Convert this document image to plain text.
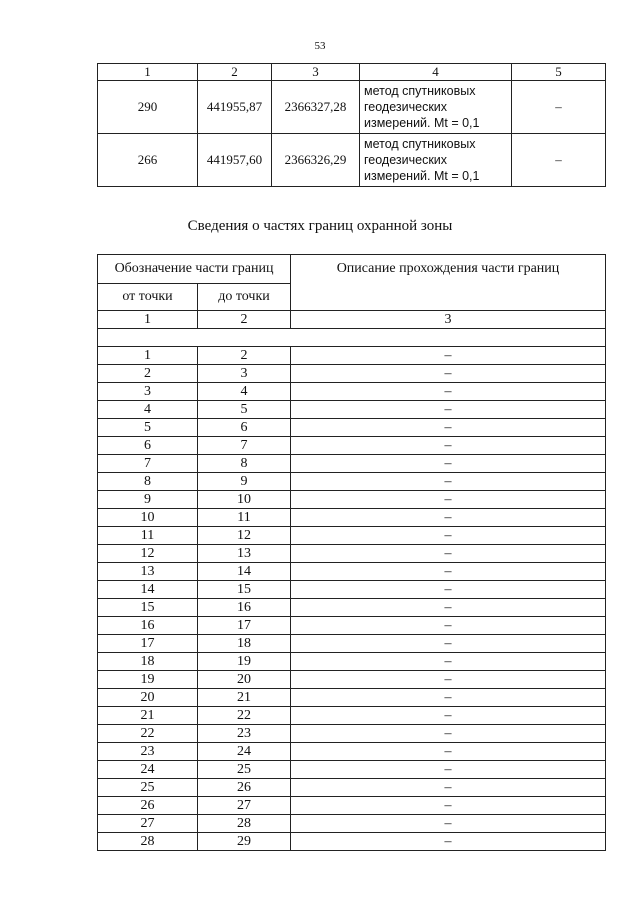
53
1	2	3	4	5
290	441955,87	2366327,28	метод спутниковых
геодезических
измерений. Mt = 0,1	–
266	441957,60	2366326,29	метод спутниковых
геодезических
измерений. Mt = 0,1	–
Сведения о частях границ охранной зоны
Обозначение части границ		Описание прохождения части границ
от точки	до точки	
1	2	3

1	2	–
2	3	–
3	4	–
4	5	–
5	6	–
6	7	–
7	8	–
8	9	–
9	10	–
10	11	–
11	12	–
12	13	–
13	14	–
14	15	–
15	16	–
16	17	–
17	18	–
18	19	–
19	20	–
20	21	–
21	22	–
22	23	–
23	24	–
24	25	–
25	26	–
26	27	–
27	28	–
28	29	–
